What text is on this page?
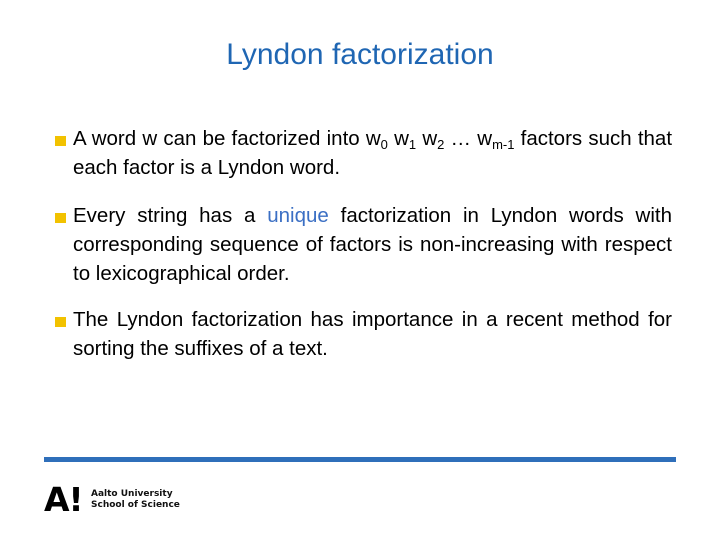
Lyndon factorization
A word w can be factorized into $w_0$ $w_1$ $w_2$ … $w_{m-1}$ factors such that each factor is a Lyndon word.
Every string has a unique factorization in Lyndon words with corresponding sequence of factors is non-increasing with respect to lexicographical order.
The Lyndon factorization has importance in a recent method for sorting the suffixes of a text.
A! Aalto University
School of Science
